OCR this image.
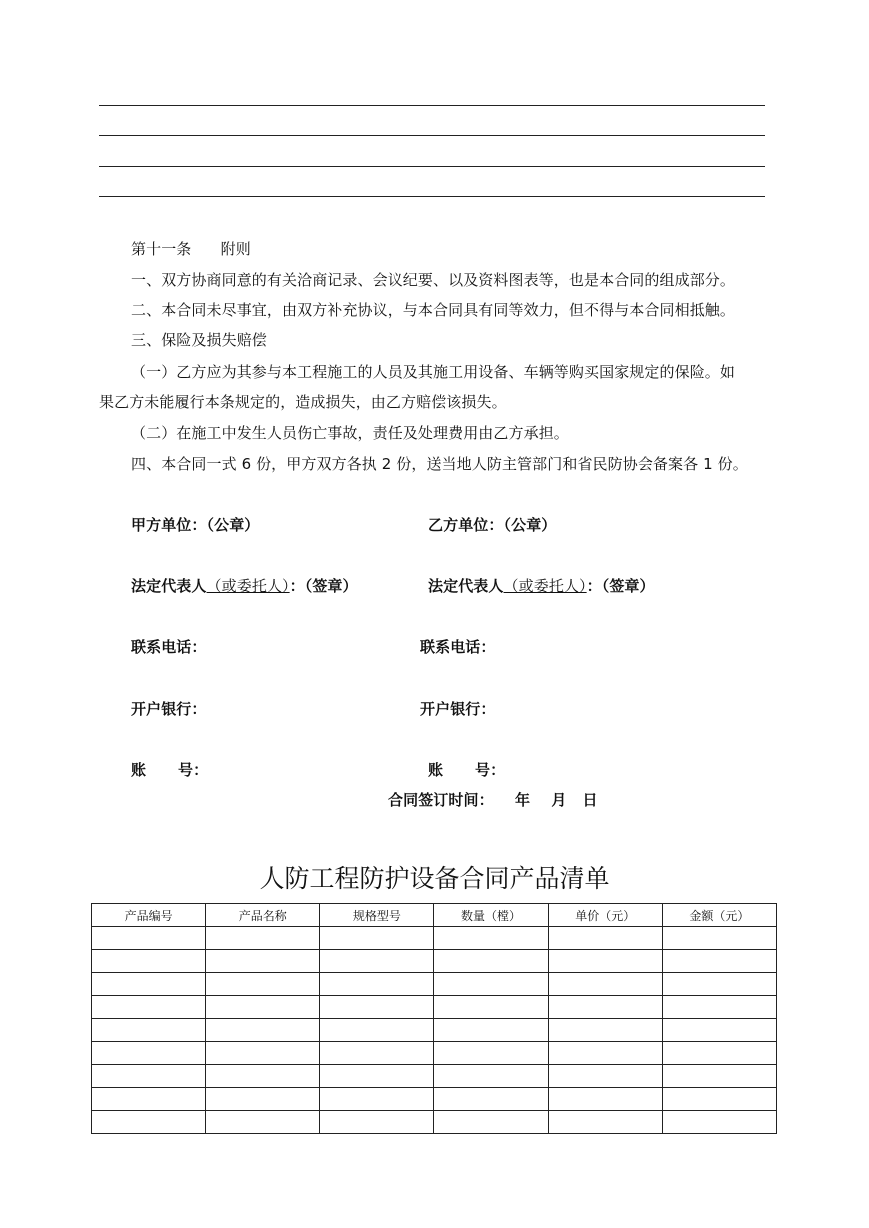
第十一条      附则
一、双方协商同意的有关洽商记录、会议纪要、以及资料图表等，也是本合同的组成部分。
二、本合同未尽事宜，由双方补充协议，与本合同具有同等效力，但不得与本合同相抵触。
三、保险及损失赔偿
（一）乙方应为其参与本工程施工的人员及其施工用设备、车辆等购买国家规定的保险。如
果乙方未能履行本条规定的，造成损失，由乙方赔偿该损失。
（二）在施工中发生人员伤亡事故，责任及处理费用由乙方承担。
四、本合同一式 6 份，甲方双方各执 2 份，送当地人防主管部门和省民防协会备案各 1 份。
甲方单位：（公章）	乙方单位：（公章）
法定代表人（或委托人）：（签章）	法定代表人（或委托人）：（签章）
联系电话：	联系电话：
开户银行：	开户银行：
账      号：	账      号：
合同签订时间：    年    月   日
人防工程防护设备合同产品清单
产品编号	产品名称	规格型号	数量（樘）	单价（元）	金额（元）
